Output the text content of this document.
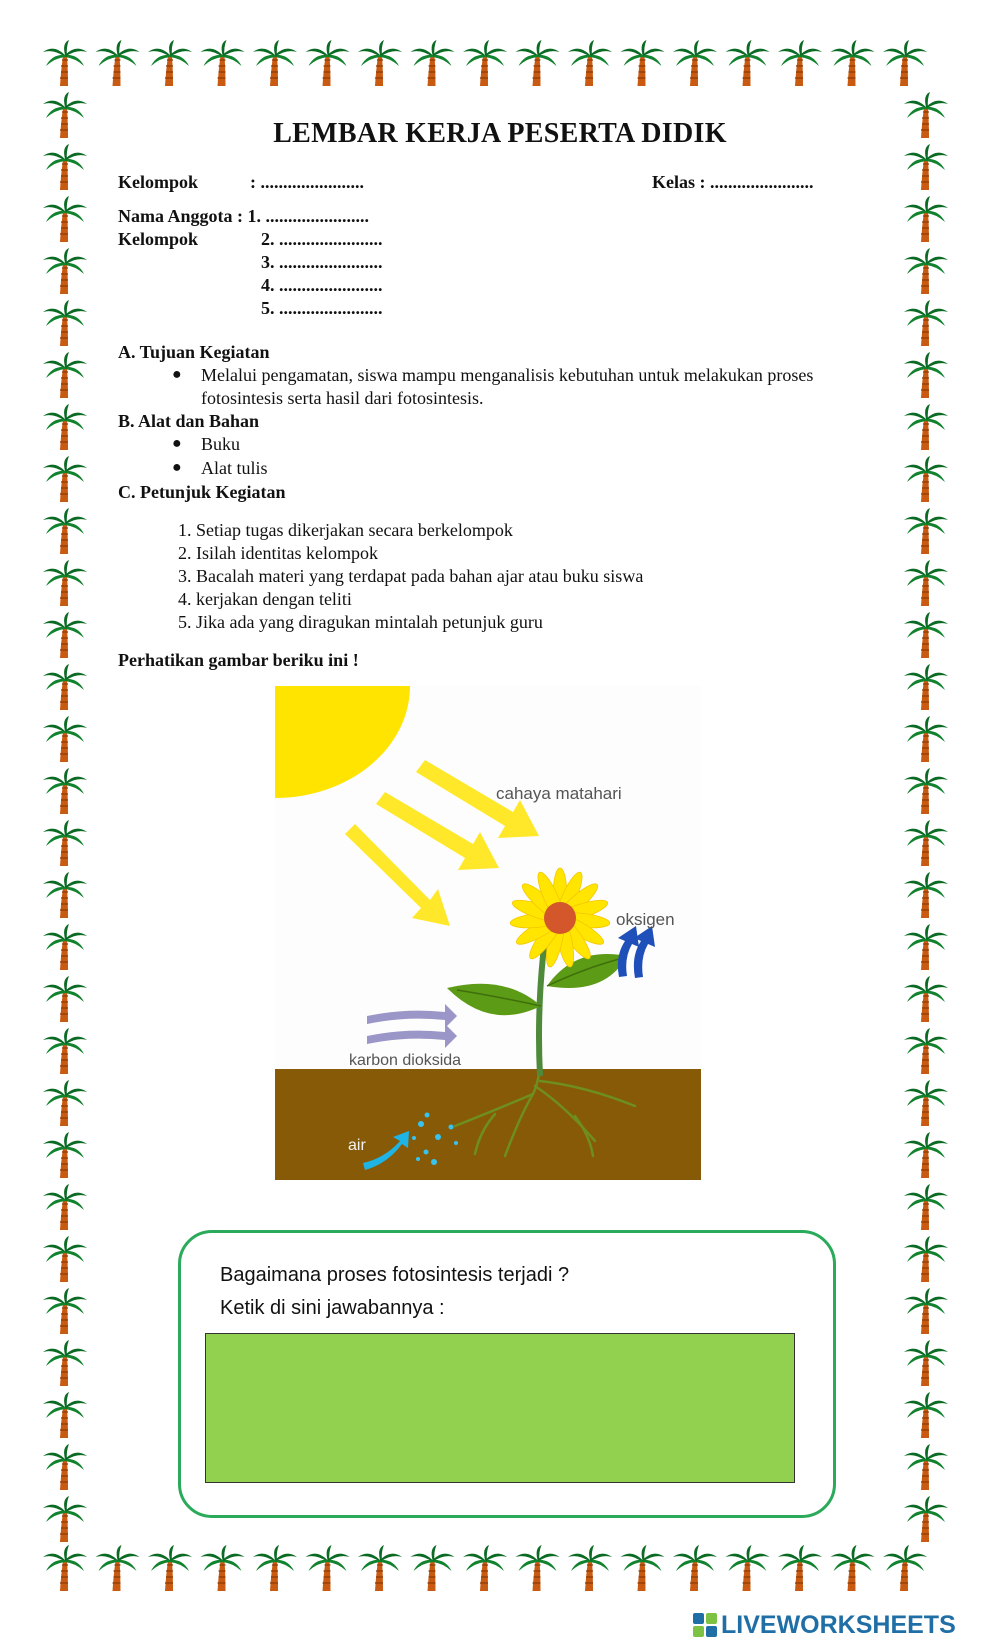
LEMBAR KERJA PESERTA DIDIK
Kelompok	: .......................	Kelas : .......................
Nama Anggota : 1. .......................
Kelompok	2. .......................
3. .......................
4. .......................
5. .......................
A. Tujuan Kegiatan
● Melalui pengamatan, siswa mampu menganalisis kebutuhan untuk melakukan proses
fotosintesis serta hasil dari fotosintesis.
B. Alat dan Bahan
● Buku
● Alat tulis
C. Petunjuk Kegiatan
1. Setiap tugas dikerjakan secara berkelompok
2. Isilah identitas kelompok
3. Bacalah materi yang terdapat pada bahan ajar atau buku siswa
4. kerjakan dengan teliti
5. Jika ada yang diragukan mintalah petunjuk guru
Perhatikan gambar beriku ini !
cahaya matahari
oksigen
karbon dioksida
air
Bagaimana proses fotosintesis terjadi ?
Ketik di sini jawabannya :
LIVEWORKSHEETS
